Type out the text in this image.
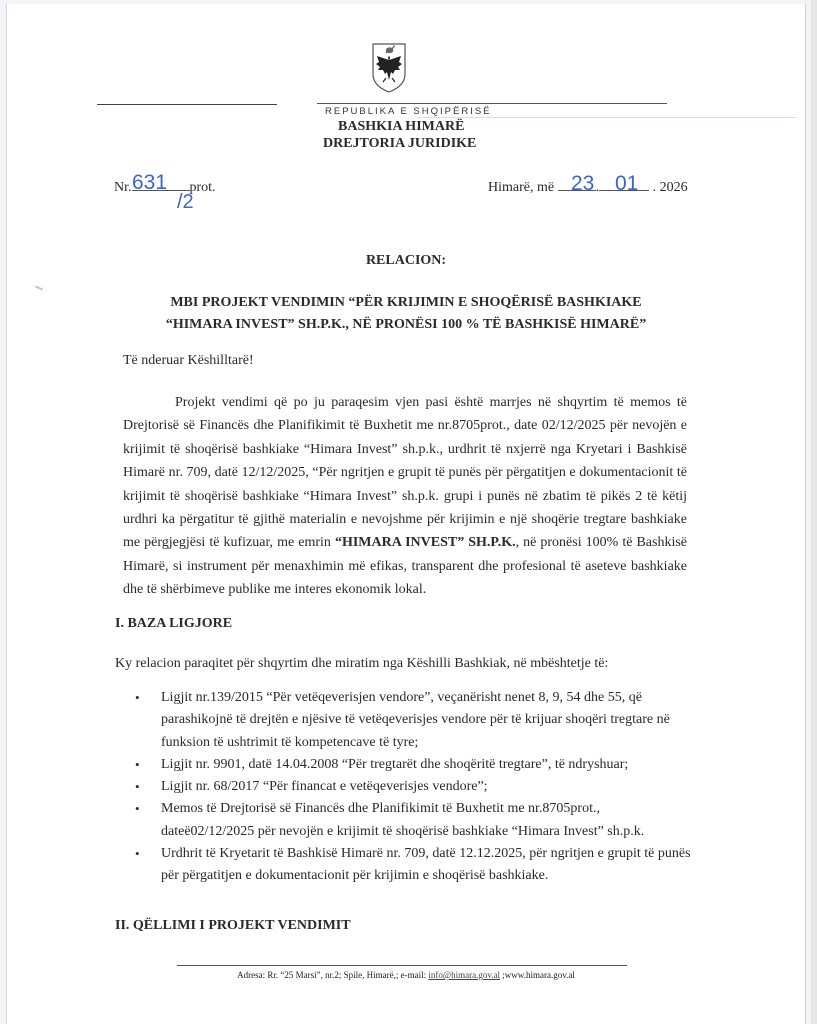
REPUBLIKA E SHQIPËRISË
BASHKIA HIMARË
DREJTORIA JURIDIKE
Nr.	prot.
631
/2
Himarë, më	.	. 2026
23 01
RELACION:
MBI PROJEKT VENDIMIN “PËR KRIJIMIN E SHOQËRISË BASHKIAKE
“HIMARA INVEST” SH.P.K., NË PRONËSI 100 % TË BASHKISË HIMARË”
Të nderuar Këshilltarë!
Projekt vendimi që po ju paraqesim vjen pasi është marrjes në shqyrtim të memos të Drejtorisë së Financës dhe Planifikimit të Buxhetit me nr.8705prot., date 02/12/2025 për nevojën e krijimit të shoqërisë bashkiake “Himara Invest” sh.p.k., urdhrit të nxjerrë nga Kryetari i Bashkisë Himarë nr. 709, datë 12/12/2025, “Për ngritjen e grupit të punës për përgatitjen e dokumentacionit të krijimit të shoqërisë bashkiake “Himara Invest” sh.p.k. grupi i punës në zbatim të pikës 2 të këtij urdhri ka përgatitur të gjithë materialin e nevojshme për krijimin e një shoqërie tregtare bashkiake me përgjegjësi të kufizuar, me emrin “HIMARA INVEST” SH.P.K., në pronësi 100% të Bashkisë Himarë, si instrument për menaxhimin më efikas, transparent dhe profesional të aseteve bashkiake dhe të shërbimeve publike me interes ekonomik lokal.
I. BAZA LIGJORE
Ky relacion paraqitet për shqyrtim dhe miratim nga Këshilli Bashkiak, në mbështetje të:
• Ligjit nr.139/2015 “Për vetëqeverisjen vendore”, veçanërisht nenet 8, 9, 54 dhe 55, që parashikojnë të drejtën e njësive të vetëqeverisjes vendore për të krijuar shoqëri tregtare në funksion të ushtrimit të kompetencave të tyre;
• Ligjit nr. 9901, datë 14.04.2008 “Për tregtarët dhe shoqëritë tregtare”, të ndryshuar;
• Ligjit nr. 68/2017 “Për financat e vetëqeverisjes vendore”;
• Memos të Drejtorisë së Financës dhe Planifikimit të Buxhetit me nr.8705prot., dateë02/12/2025 për nevojën e krijimit të shoqërisë bashkiake “Himara Invest” sh.p.k.
• Urdhrit të Kryetarit të Bashkisë Himarë nr. 709, datë 12.12.2025, për ngritjen e grupit të punës për përgatitjen e dokumentacionit për krijimin e shoqërisë bashkiake.
II. QËLLIMI I PROJEKT VENDIMIT
Adresa: Rr. “25 Marsi”, nr.2; Spile, Himarë,; e-mail: info@himara.gov.al ;www.himara.gov.al
